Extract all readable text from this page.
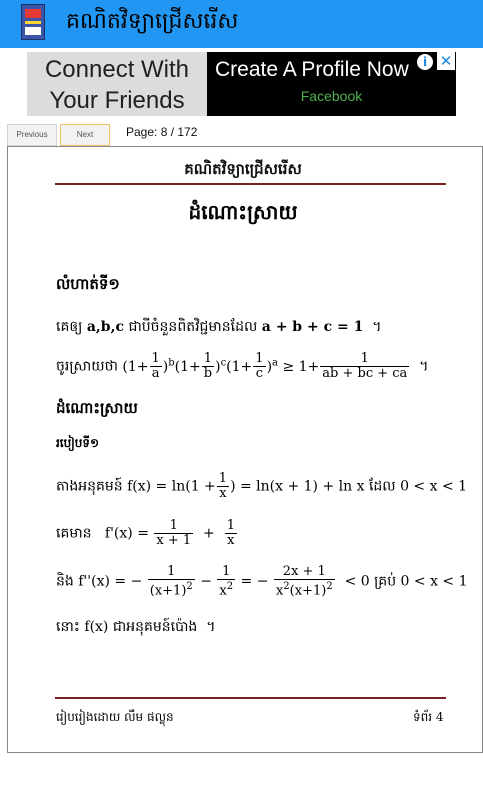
គណិតវិទ្យាជ្រើសរើស
Connect With Your Friends
Create A Profile Now
Facebook
i ✕
Previous	Next	Page: 8 / 172
គណិតវិទ្យាជ្រើសរើស
ដំណោះស្រាយ
លំហាត់ទី១
គេឲ្យ a,b,c ជាបីចំនួនពិតវិជ្ជមានដែល a + b + c = 1 ។
ចូរស្រាយថា $(1+ \frac{1}{a} )^b(1+ \frac{1}{b} )^c(1+ \frac{1}{c} )^a \ge 1+ \frac{1}{ab + bc + ca}$ ។
ដំណោះស្រាយ
របៀបទី១
តាងអនុគមន៍ $f(x) = \ln(1 + \frac{1}{x}$ ) = ln(x + 1) + ln x ដែល 0 < x < 1
គេមាន $f'(x) = \frac{1}{x + 1} + \frac{1}{x}$
និង f''(x) = − $\frac{1}{(x+1)^2} - \frac{1}{x^2}$ = − $\frac{2x + 1}{x^2(x+1)^2} < 0$ គ្រប់ 0 < x < 1
នោះ f(x) ជាអនុគមន៍ប៉ោង ។
រៀបរៀងដោយ លឹម ផល្លុន	ទំព័រ 4
